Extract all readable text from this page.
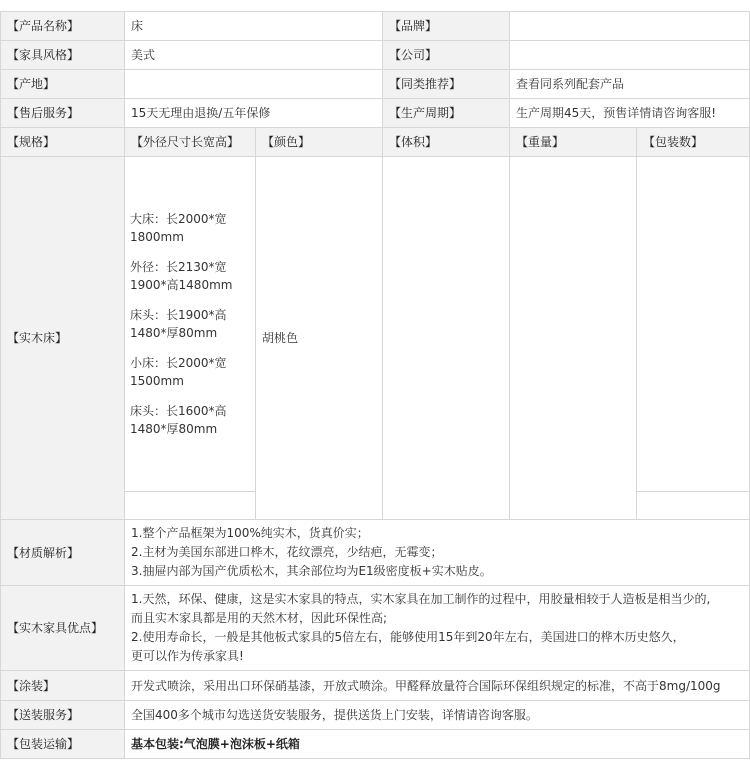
【产品名称】	床		【品牌】		
【家具风格】	美式		【公司】		
【产地】			【同类推荐】	查看同系列配套产品	
【售后服务】	15天无理由退换/五年保修		【生产周期】	生产周期45天，预售详情请咨询客服!	
【规格】	【外径尺寸长宽高】	【颜色】	【体积】	【重量】	【包装数】
【实木床】	大床：长2000*宽1800mm
外径：长2130*宽1900*高1480mm
床头：长1900*高1480*厚80mm
小床：长2000*宽1500mm
床头：长1600*高1480*厚80mm	胡桃色			

【材质解析】	1.整个产品框架为100%纯实木，货真价实；
2.主材为美国东部进口桦木，花纹漂亮，少结疤，无霉变；
3.抽屉内部为国产优质松木，其余部位均为E1级密度板+实木贴皮。				

【实木家具优点】	1.天然，环保、健康，这是实木家具的特点，实木家具在加工制作的过程中，用胶量相较于人造板是相当少的,
而且实木家具都是用的天然木材，因此环保性高;
2.使用寿命长，一般是其他板式家具的5倍左右，能够使用15年到20年左右，美国进口的桦木历史悠久，
更可以作为传承家具!				

【涂装】	开发式喷涂，采用出口环保硝基漆，开放式喷涂。甲醛释放量符合国际环保组织规定的标准，不高于8mg/100g				
【送装服务】	全国400多个城市勾选送货安装服务，提供送货上门安装，详情请咨询客服。				
【包装运输】	基本包装:气泡膜+泡沫板+纸箱				
